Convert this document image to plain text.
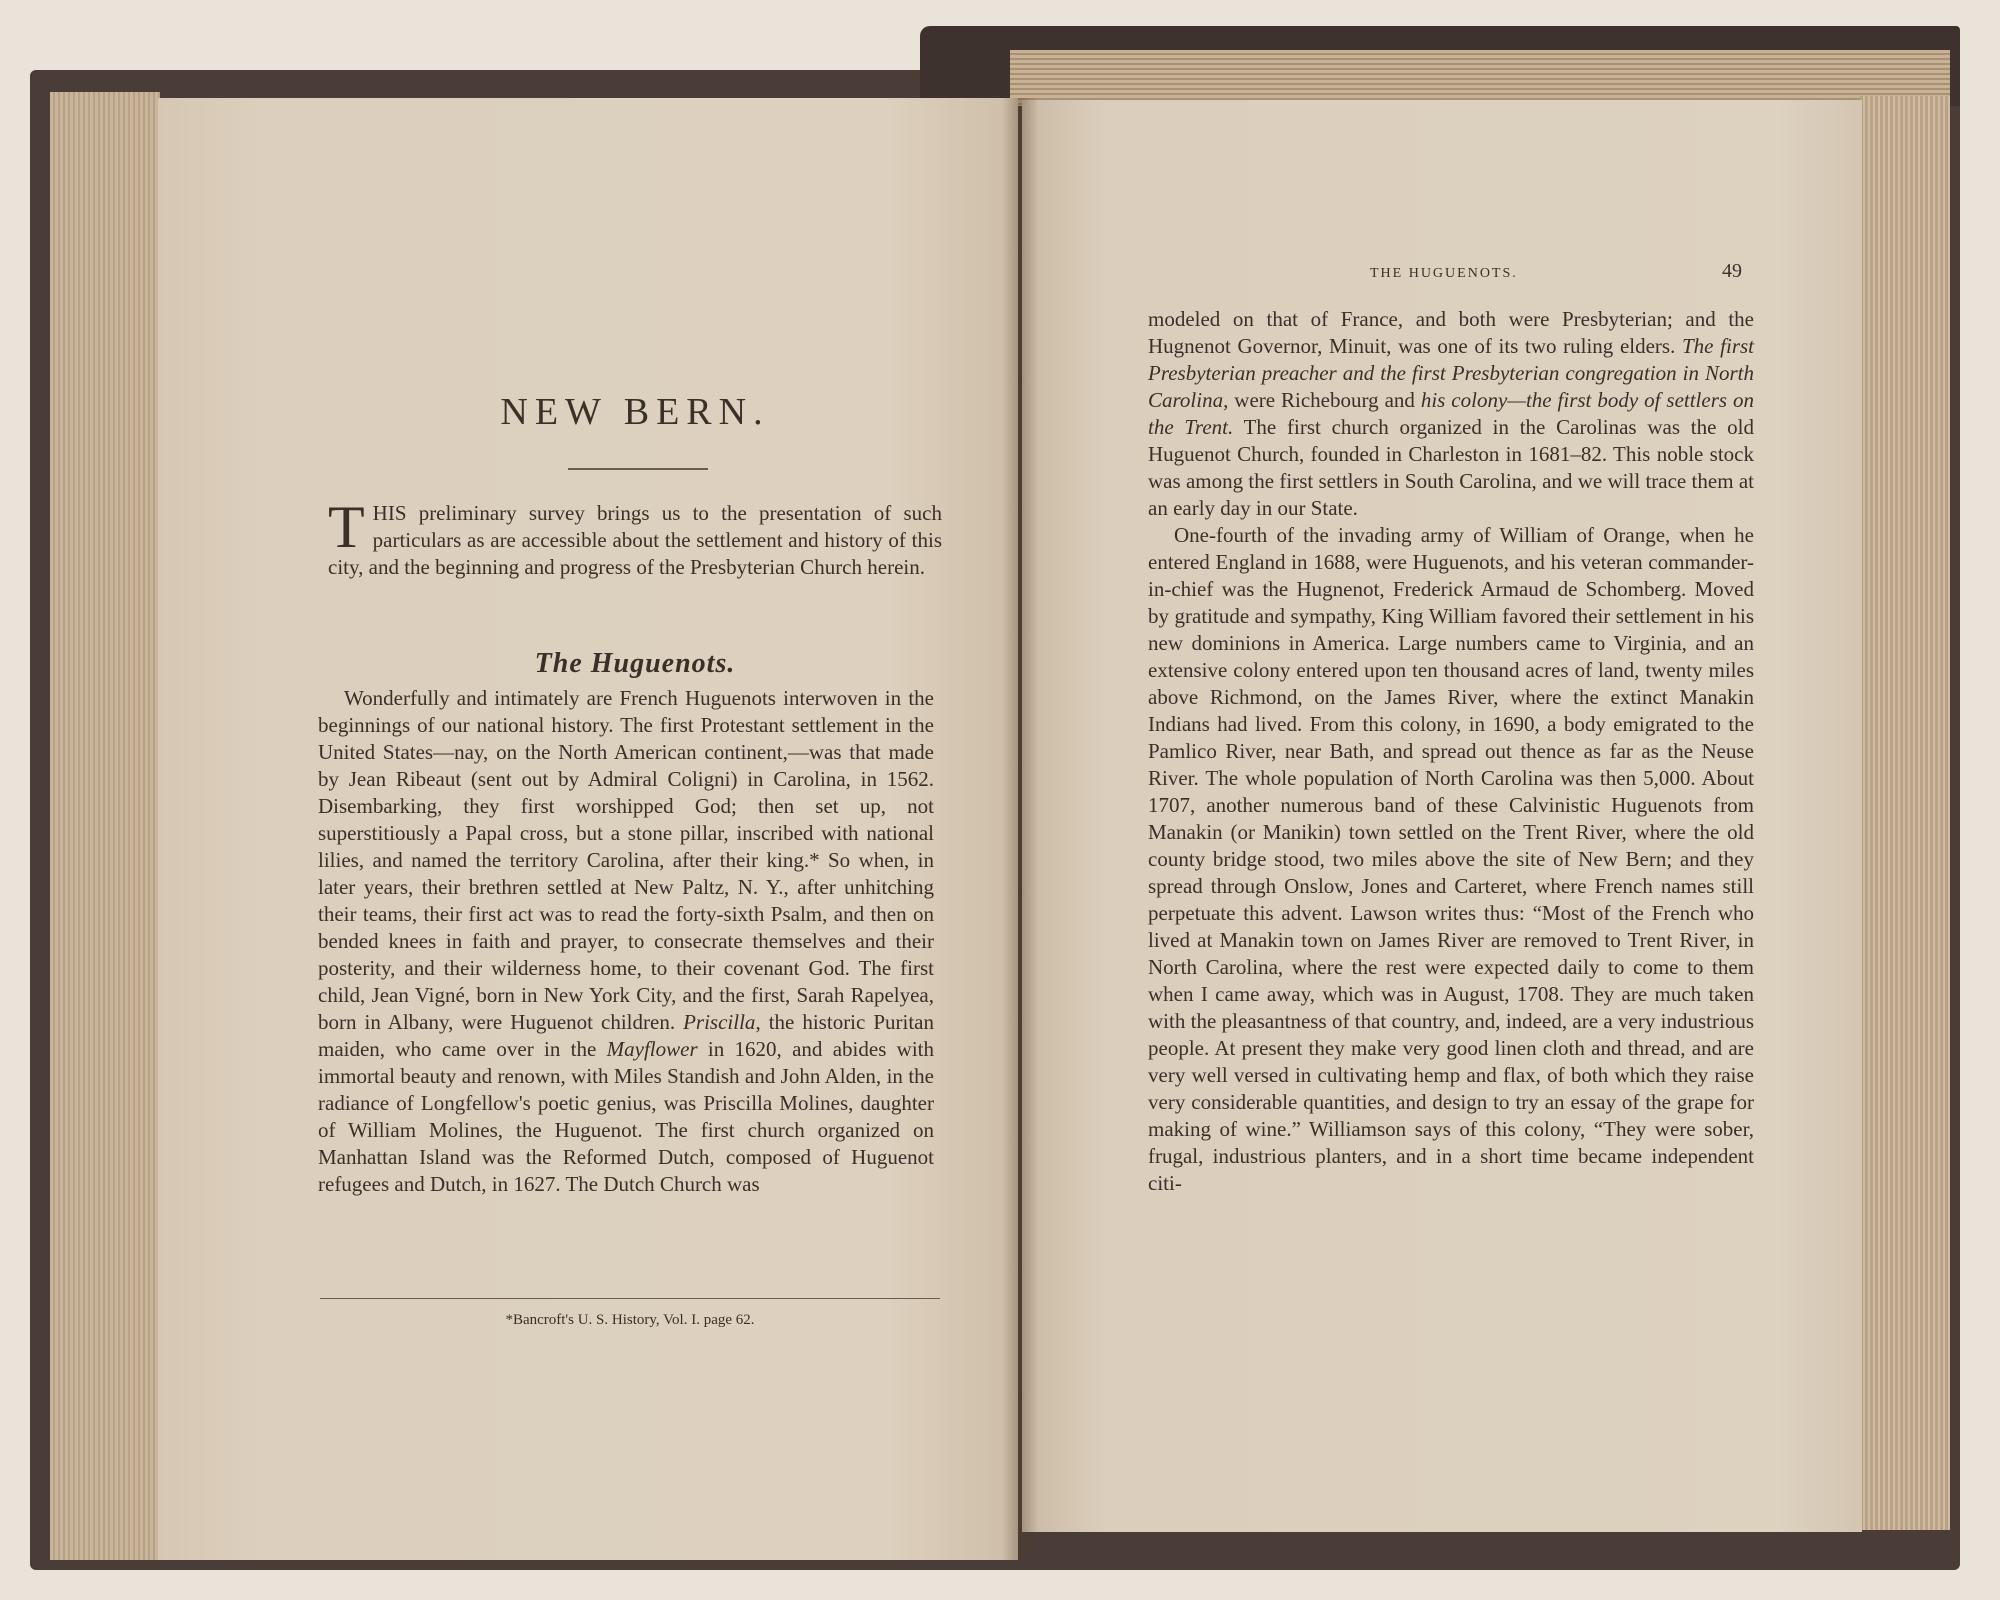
NEW BERN.
THIS preliminary survey brings us to the presentation of such particulars as are accessible about the settlement and history of this city, and the beginning and progress of the Presbyterian Church herein.
The Huguenots.

Wonderfully and intimately are French Huguenots interwoven in the beginnings of our national history. The first Protestant settlement in the United States—nay, on the North American continent,—was that made by Jean Ribeaut (sent out by Admiral Coligni) in Carolina, in 1562. Disembarking, they first worshipped God; then set up, not superstitiously a Papal cross, but a stone pillar, inscribed with national lilies, and named the territory Carolina, after their king.* So when, in later years, their brethren settled at New Paltz, N. Y., after unhitching their teams, their first act was to read the forty-sixth Psalm, and then on bended knees in faith and prayer, to consecrate themselves and their posterity, and their wilderness home, to their covenant God. The first child, Jean Vigné, born in New York City, and the first, Sarah Rapelyea, born in Albany, were Huguenot children. Priscilla, the historic Puritan maiden, who came over in the Mayflower in 1620, and abides with immortal beauty and renown, with Miles Standish and John Alden, in the radiance of Longfellow's poetic genius, was Priscilla Molines, daughter of William Molines, the Huguenot. The first church organized on Manhattan Island was the Reformed Dutch, composed of Huguenot refugees and Dutch, in 1627. The Dutch Church was

*Bancroft's U. S. History, Vol. I. page 62.
THE HUGUENOTS.	49

modeled on that of France, and both were Presbyterian; and the Hugnenot Governor, Minuit, was one of its two ruling elders. The first Presbyterian preacher and the first Presbyterian congregation in North Carolina, were Richebourg and his colony—the first body of settlers on the Trent. The first church organized in the Carolinas was the old Huguenot Church, founded in Charleston in 1681–82. This noble stock was among the first settlers in South Carolina, and we will trace them at an early day in our State.

One-fourth of the invading army of William of Orange, when he entered England in 1688, were Huguenots, and his veteran commander-in-chief was the Hugnenot, Frederick Armaud de Schomberg. Moved by gratitude and sympathy, King William favored their settlement in his new dominions in America. Large numbers came to Virginia, and an extensive colony entered upon ten thousand acres of land, twenty miles above Richmond, on the James River, where the extinct Manakin Indians had lived. From this colony, in 1690, a body emigrated to the Pamlico River, near Bath, and spread out thence as far as the Neuse River. The whole population of North Carolina was then 5,000. About 1707, another numerous band of these Calvinistic Huguenots from Manakin (or Manikin) town settled on the Trent River, where the old county bridge stood, two miles above the site of New Bern; and they spread through Onslow, Jones and Carteret, where French names still perpetuate this advent. Lawson writes thus: “Most of the French who lived at Manakin town on James River are removed to Trent River, in North Carolina, where the rest were expected daily to come to them when I came away, which was in August, 1708. They are much taken with the pleasantness of that country, and, indeed, are a very industrious people. At present they make very good linen cloth and thread, and are very well versed in cultivating hemp and flax, of both which they raise very considerable quantities, and design to try an essay of the grape for making of wine.” Williamson says of this colony, “They were sober, frugal, industrious planters, and in a short time became independent citi-
